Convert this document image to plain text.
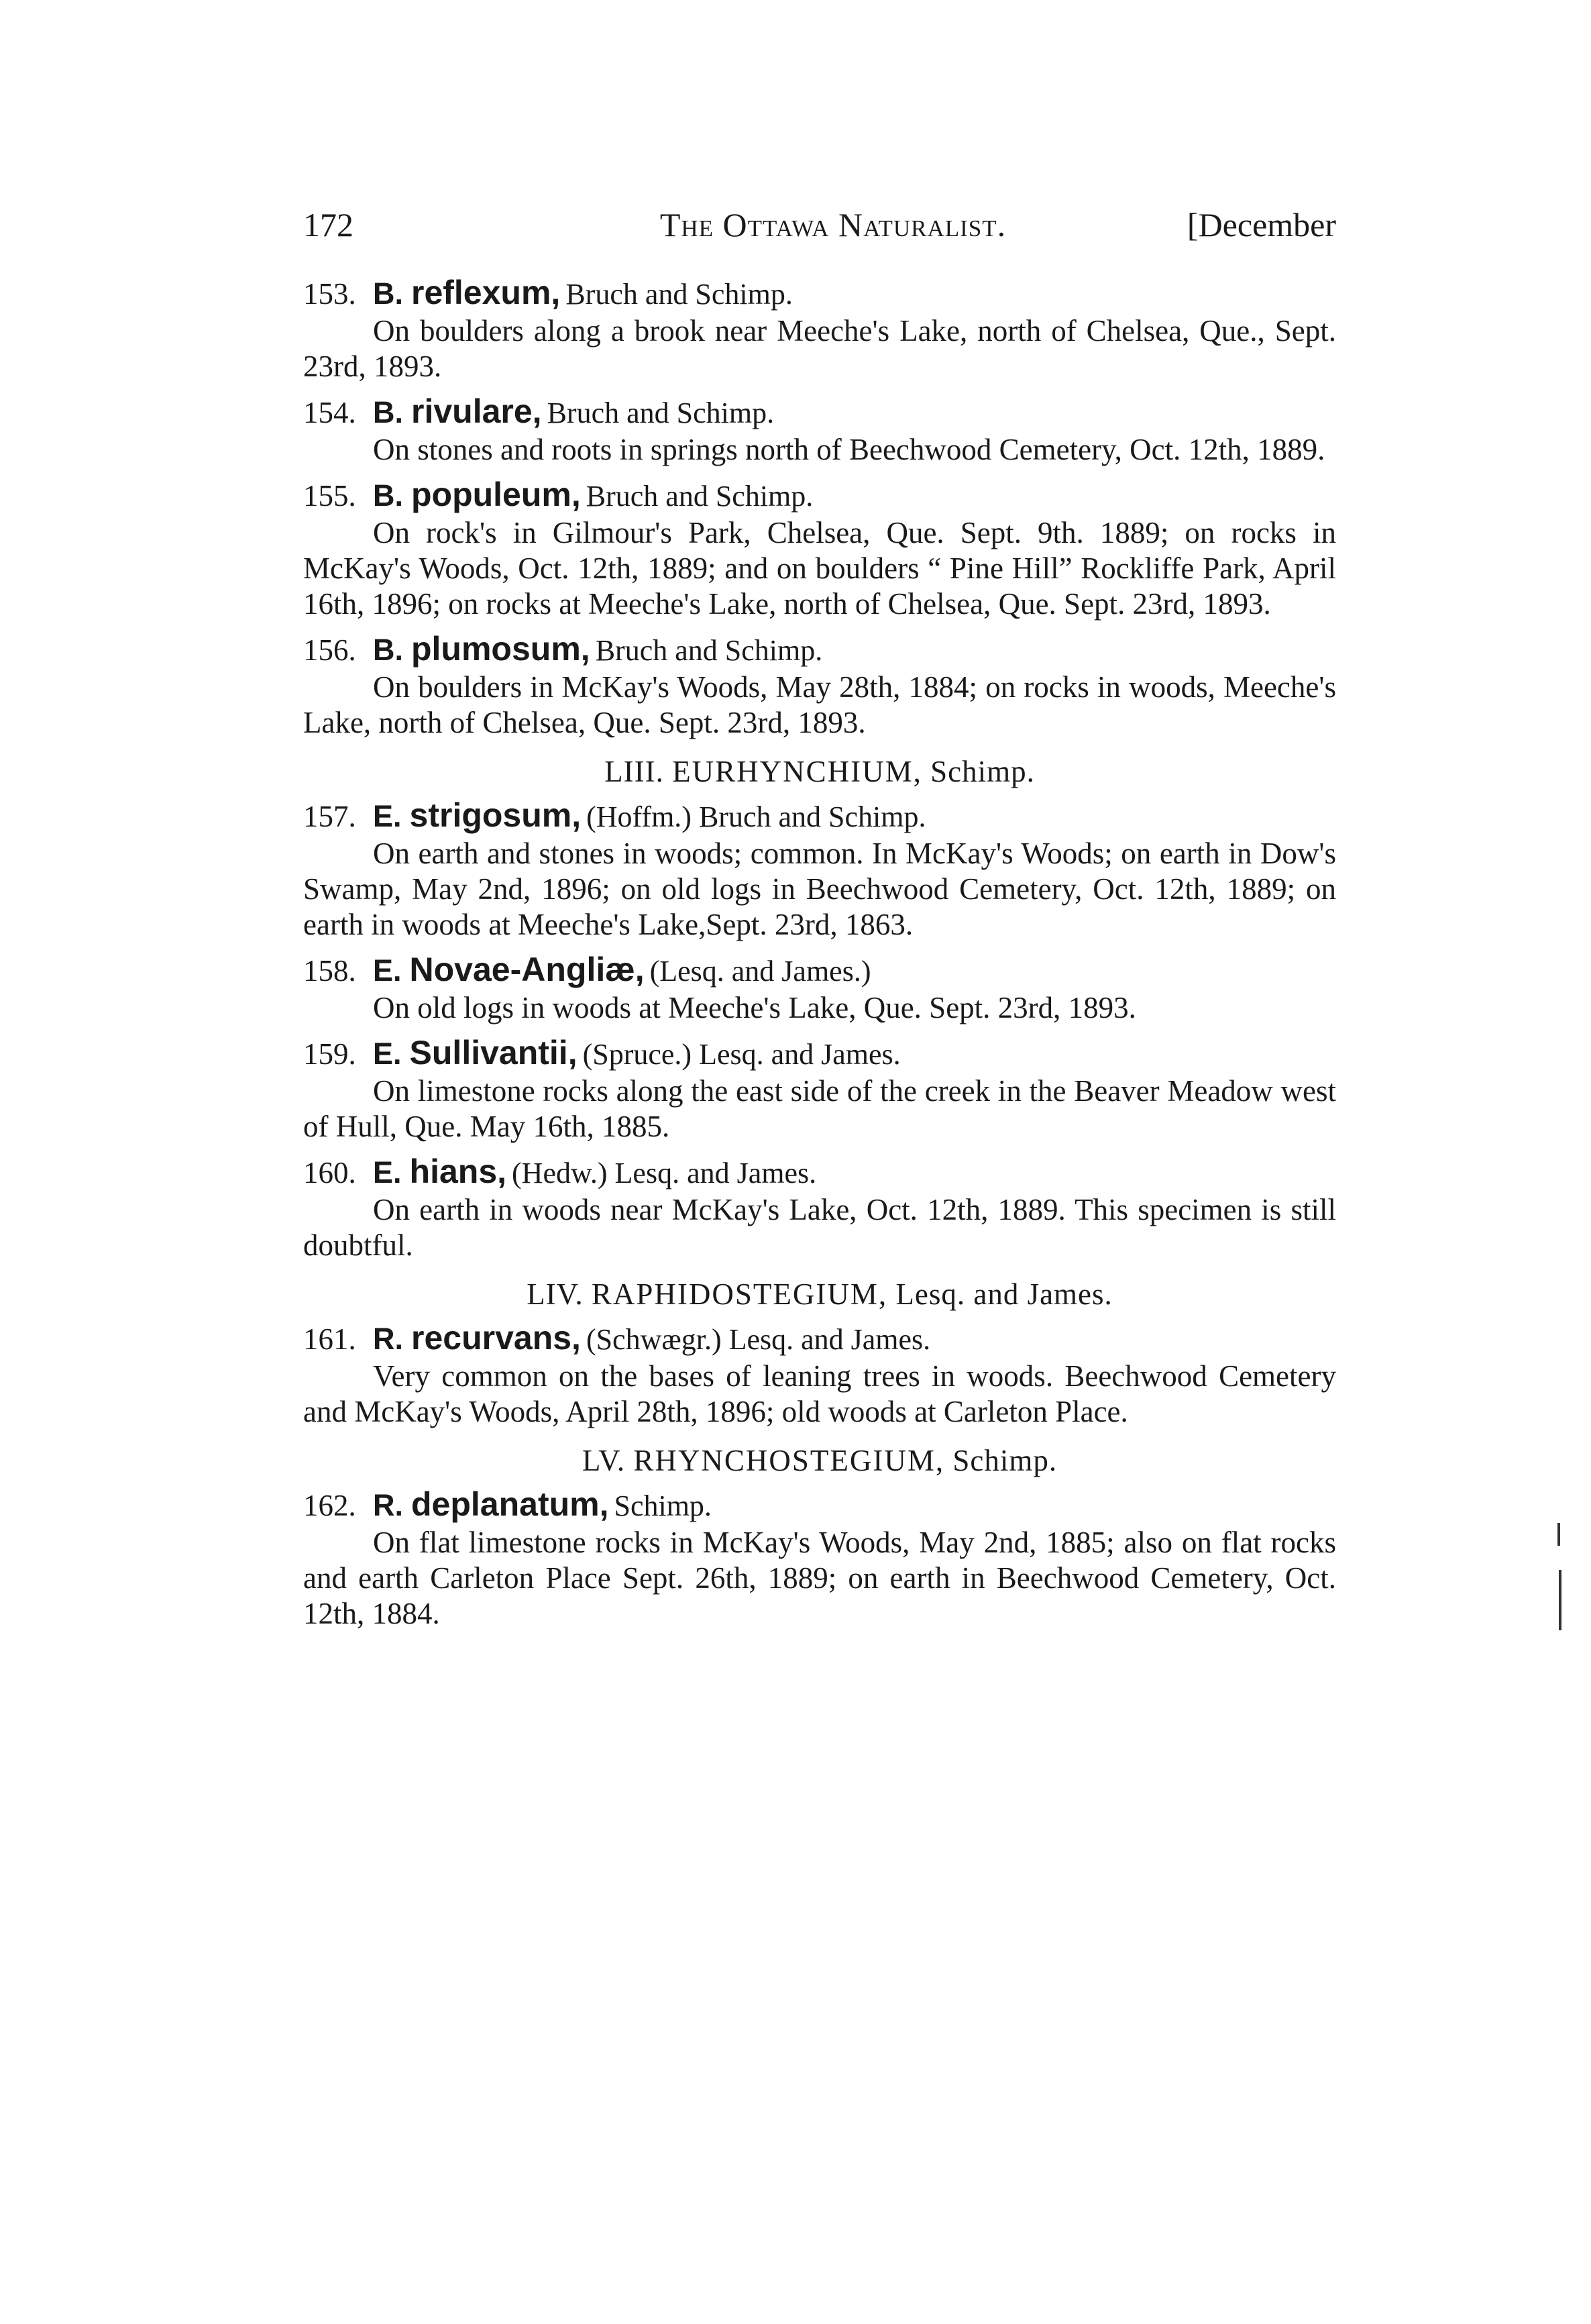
172	The Ottawa Naturalist.	[December
153. B. reflexum, Bruch and Schimp.

On boulders along a brook near Meeche's Lake, north of Chelsea, Que., Sept. 23rd, 1893.

154. B. rivulare, Bruch and Schimp.

On stones and roots in springs north of Beechwood Cemetery, Oct. 12th, 1889.

155. B. populeum, Bruch and Schimp.

On rock's in Gilmour's Park, Chelsea, Que. Sept. 9th. 1889; on rocks in McKay's Woods, Oct. 12th, 1889; and on boulders “ Pine Hill” Rockliffe Park, April 16th, 1896; on rocks at Meeche's Lake, north of Chelsea, Que. Sept. 23rd, 1893.

156. B. plumosum, Bruch and Schimp.

On boulders in McKay's Woods, May 28th, 1884; on rocks in woods, Meeche's Lake, north of Chelsea, Que. Sept. 23rd, 1893.

LIII. EURHYNCHIUM, Schimp.
157. E. strigosum, (Hoffm.) Bruch and Schimp.

On earth and stones in woods; common. In McKay's Woods; on earth in Dow's Swamp, May 2nd, 1896; on old logs in Beechwood Cemetery, Oct. 12th, 1889; on earth in woods at Meeche's Lake,Sept. 23rd, 1863.

158. E. Novae-Angliæ, (Lesq. and James.)

On old logs in woods at Meeche's Lake, Que. Sept. 23rd, 1893.

159. E. Sullivantii, (Spruce.) Lesq. and James.

On limestone rocks along the east side of the creek in the Beaver Meadow west of Hull, Que. May 16th, 1885.

160. E. hians, (Hedw.) Lesq. and James.

On earth in woods near McKay's Lake, Oct. 12th, 1889. This specimen is still doubtful.

LIV. RAPHIDOSTEGIUM, Lesq. and James.
161. R. recurvans, (Schwægr.) Lesq. and James.

Very common on the bases of leaning trees in woods. Beechwood Cemetery and McKay's Woods, April 28th, 1896; old woods at Carleton Place.

LV. RHYNCHOSTEGIUM, Schimp.
162. R. deplanatum, Schimp.

On flat limestone rocks in McKay's Woods, May 2nd, 1885; also on flat rocks and earth Carleton Place Sept. 26th, 1889; on earth in Beechwood Cemetery, Oct. 12th, 1884.
